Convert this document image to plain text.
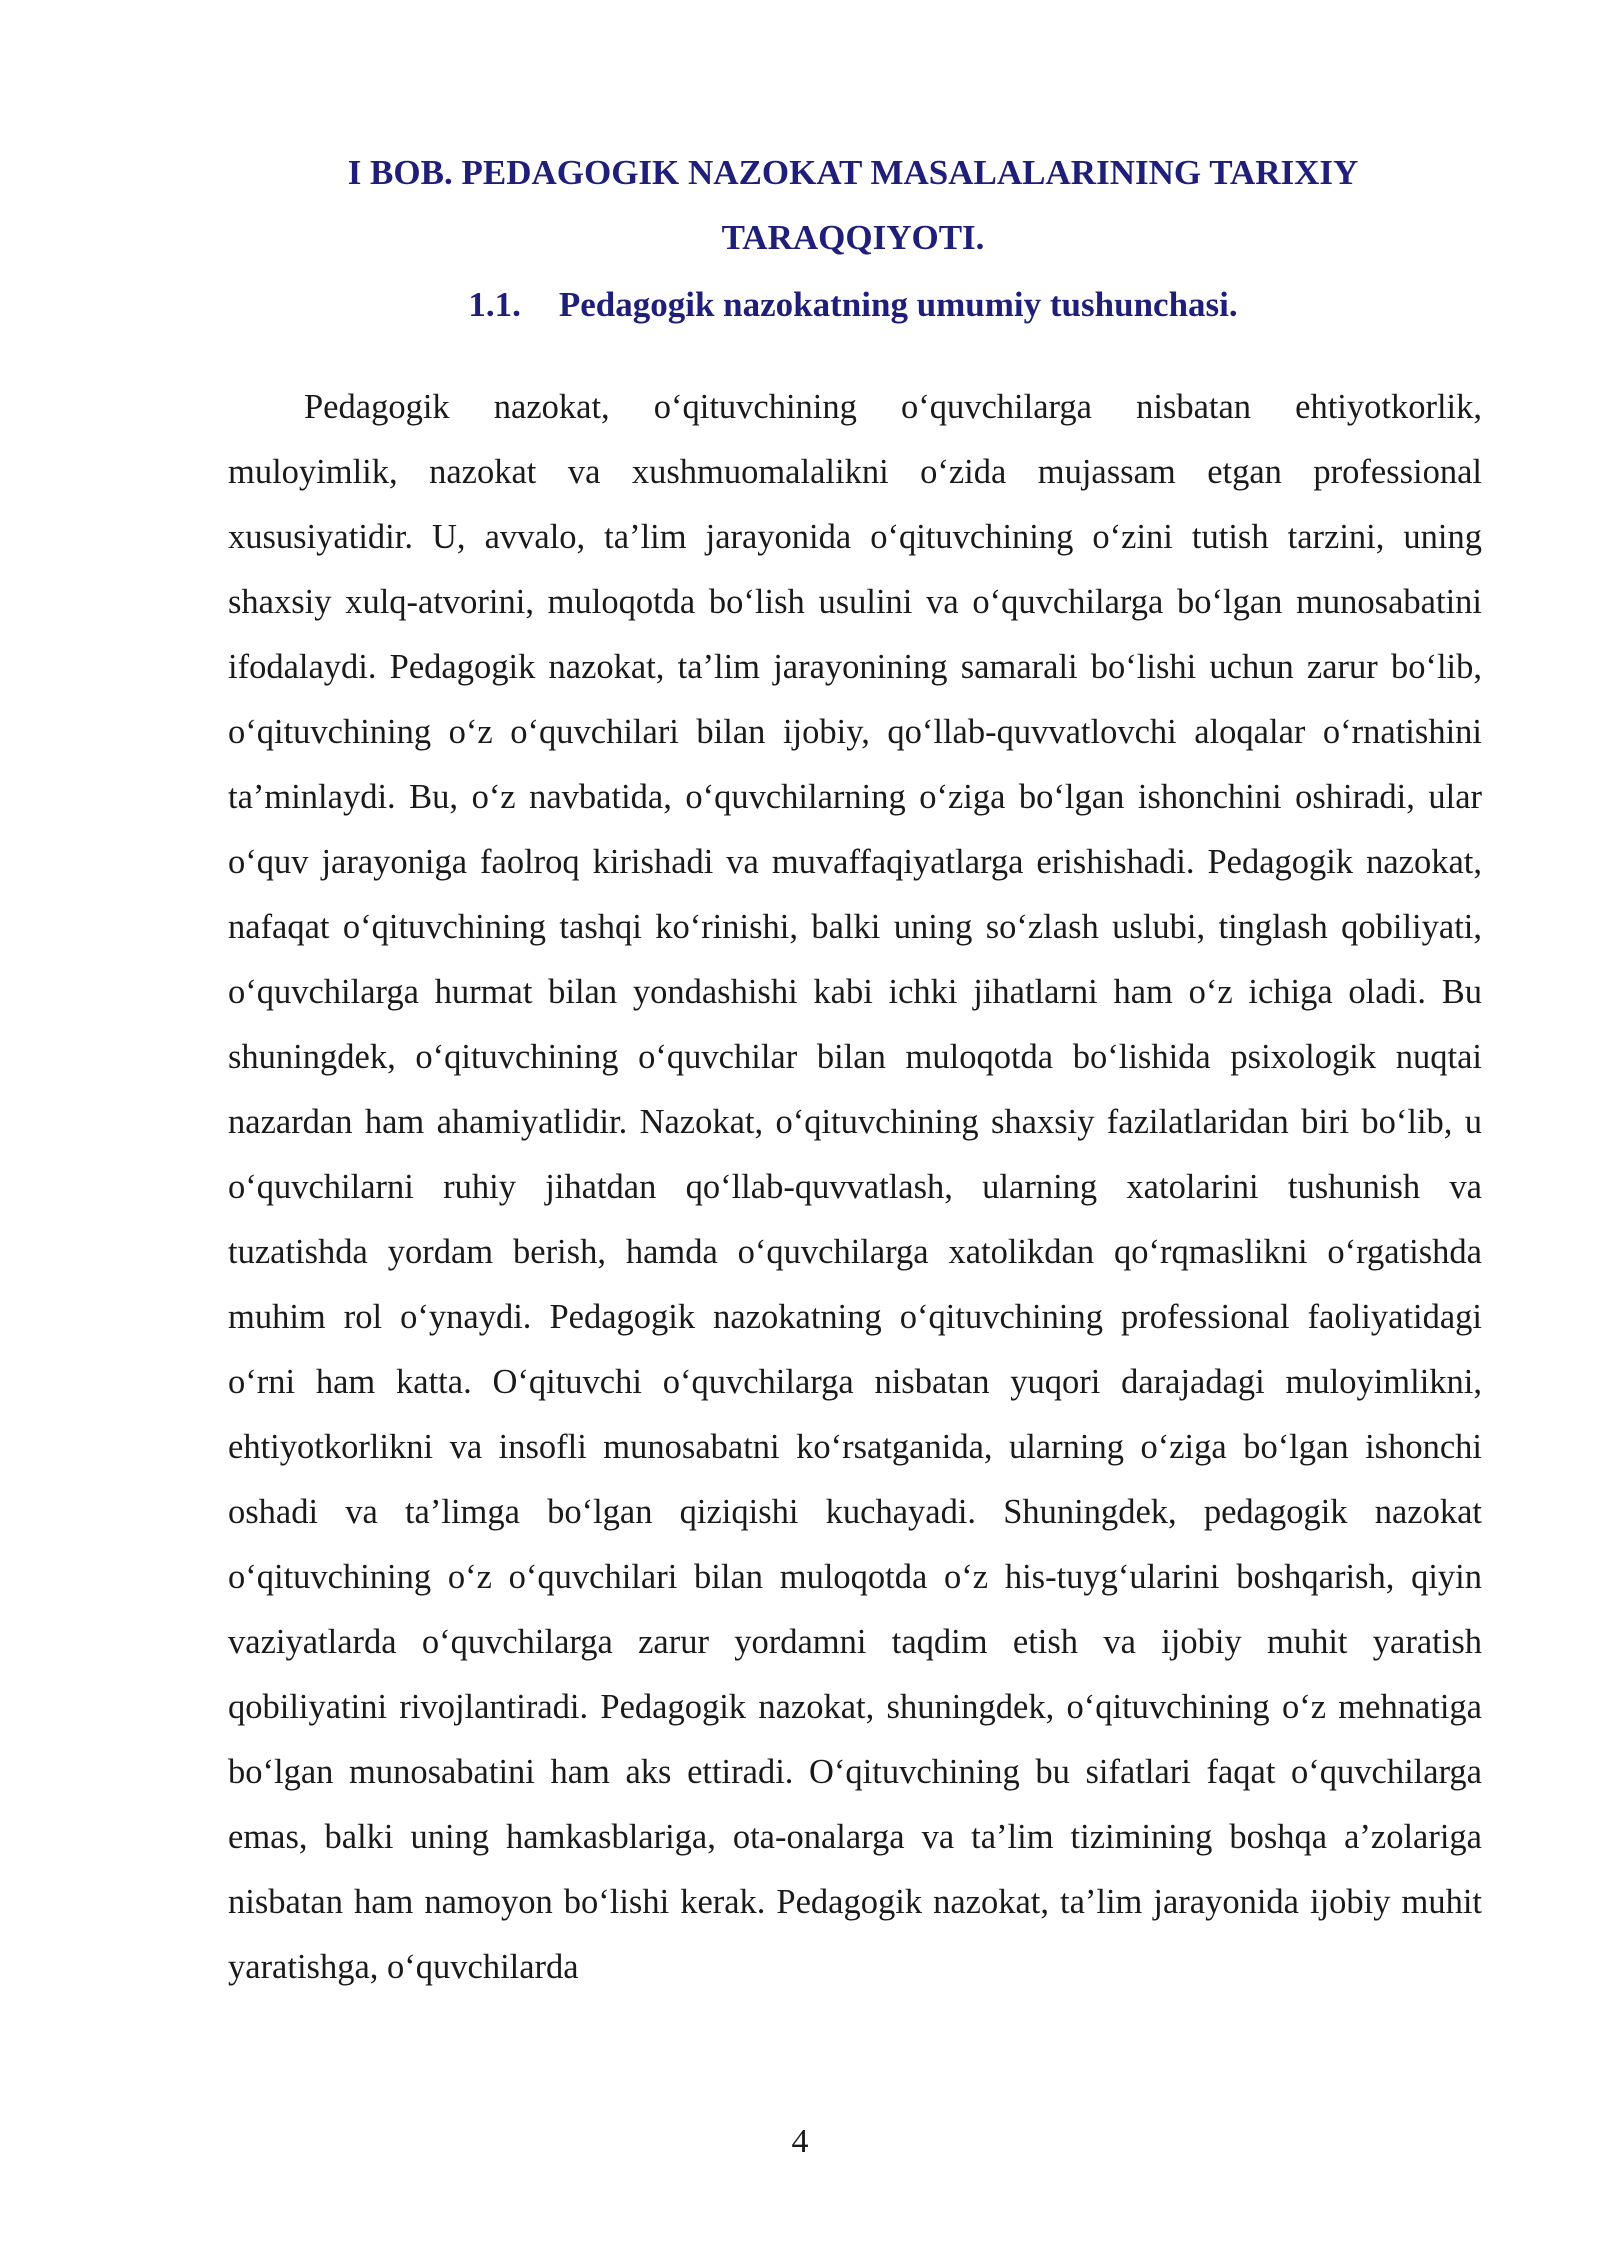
I BOB. PEDAGOGIK NAZOKAT MASALALARINING TARIXIY TARAQQIYOTI.
1.1. Pedagogik nazokatning umumiy tushunchasi.

Pedagogik nazokat, o‘qituvchining o‘quvchilarga nisbatan ehtiyotkorlik, muloyimlik, nazokat va xushmuomalalikni o‘zida mujassam etgan professional xususiyatidir. U, avvalo, ta’lim jarayonida o‘qituvchining o‘zini tutish tarzini, uning shaxsiy xulq-atvorini, muloqotda bo‘lish usulini va o‘quvchilarga bo‘lgan munosabatini ifodalaydi. Pedagogik nazokat, ta’lim jarayonining samarali bo‘lishi uchun zarur bo‘lib, o‘qituvchining o‘z o‘quvchilari bilan ijobiy, qo‘llab-quvvatlovchi aloqalar o‘rnatishini ta’minlaydi. Bu, o‘z navbatida, o‘quvchilarning o‘ziga bo‘lgan ishonchini oshiradi, ular o‘quv jarayoniga faolroq kirishadi va muvaffaqiyatlarga erishishadi. Pedagogik nazokat, nafaqat o‘qituvchining tashqi ko‘rinishi, balki uning so‘zlash uslubi, tinglash qobiliyati, o‘quvchilarga hurmat bilan yondashishi kabi ichki jihatlarni ham o‘z ichiga oladi. Bu shuningdek, o‘qituvchining o‘quvchilar bilan muloqotda bo‘lishida psixologik nuqtai nazardan ham ahamiyatlidir. Nazokat, o‘qituvchining shaxsiy fazilatlaridan biri bo‘lib, u o‘quvchilarni ruhiy jihatdan qo‘llab-quvvatlash, ularning xatolarini tushunish va tuzatishda yordam berish, hamda o‘quvchilarga xatolikdan qo‘rqmaslikni o‘rgatishda muhim rol o‘ynaydi. Pedagogik nazokatning o‘qituvchining professional faoliyatidagi o‘rni ham katta. O‘qituvchi o‘quvchilarga nisbatan yuqori darajadagi muloyimlikni, ehtiyotkorlikni va insofli munosabatni ko‘rsatganida, ularning o‘ziga bo‘lgan ishonchi oshadi va ta’limga bo‘lgan qiziqishi kuchayadi. Shuningdek, pedagogik nazokat o‘qituvchining o‘z o‘quvchilari bilan muloqotda o‘z his-tuyg‘ularini boshqarish, qiyin vaziyatlarda o‘quvchilarga zarur yordamni taqdim etish va ijobiy muhit yaratish qobiliyatini rivojlantiradi. Pedagogik nazokat, shuningdek, o‘qituvchining o‘z mehnatiga bo‘lgan munosabatini ham aks ettiradi. O‘qituvchining bu sifatlari faqat o‘quvchilarga emas, balki uning hamkasblariga, ota-onalarga va ta’lim tizimining boshqa a’zolariga nisbatan ham namoyon bo‘lishi kerak. Pedagogik nazokat, ta’lim jarayonida ijobiy muhit yaratishga, o‘quvchilarda

4
